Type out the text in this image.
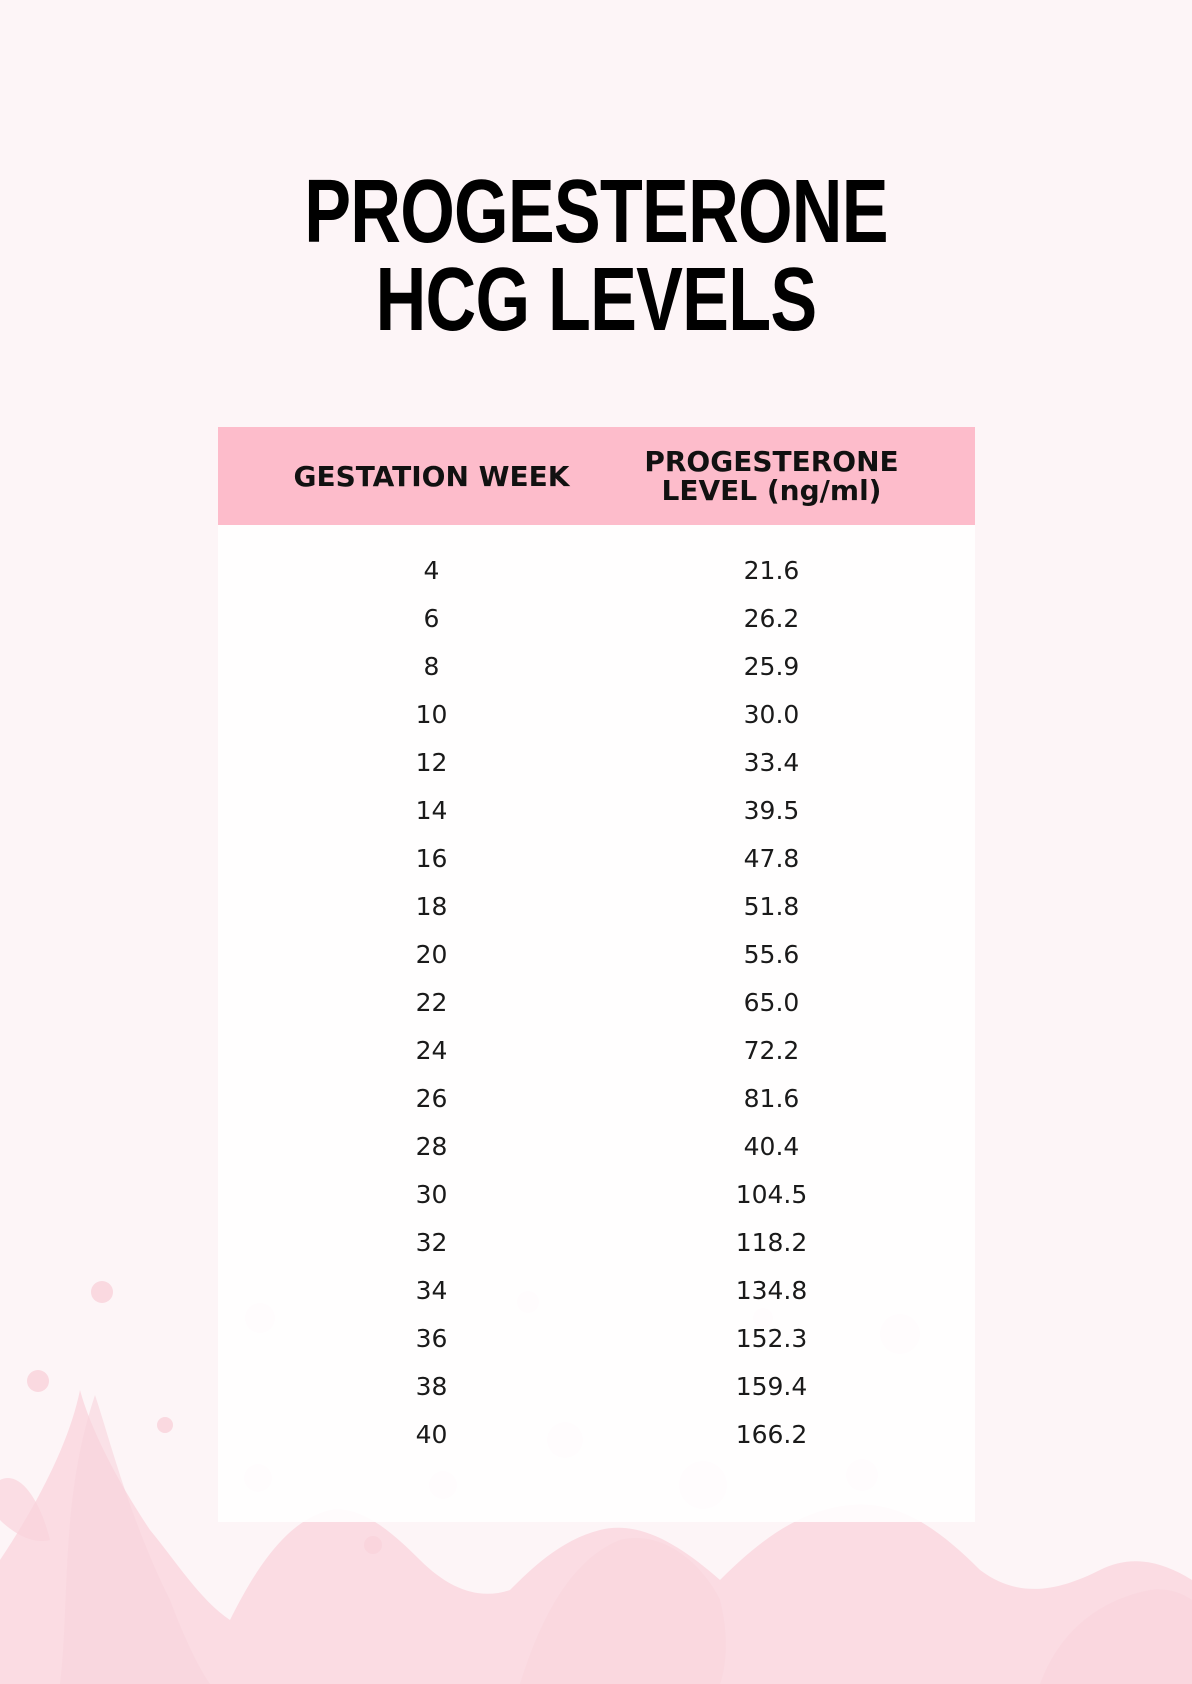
PROGESTERONE
HCG LEVELS
GESTATION WEEK	PROGESTERONE
LEVEL (ng/ml)
4	21.6
6	26.2
8	25.9
10	30.0
12	33.4
14	39.5
16	47.8
18	51.8
20	55.6
22	65.0
24	72.2
26	81.6
28	40.4
30	104.5
32	118.2
34	134.8
36	152.3
38	159.4
40	166.2
